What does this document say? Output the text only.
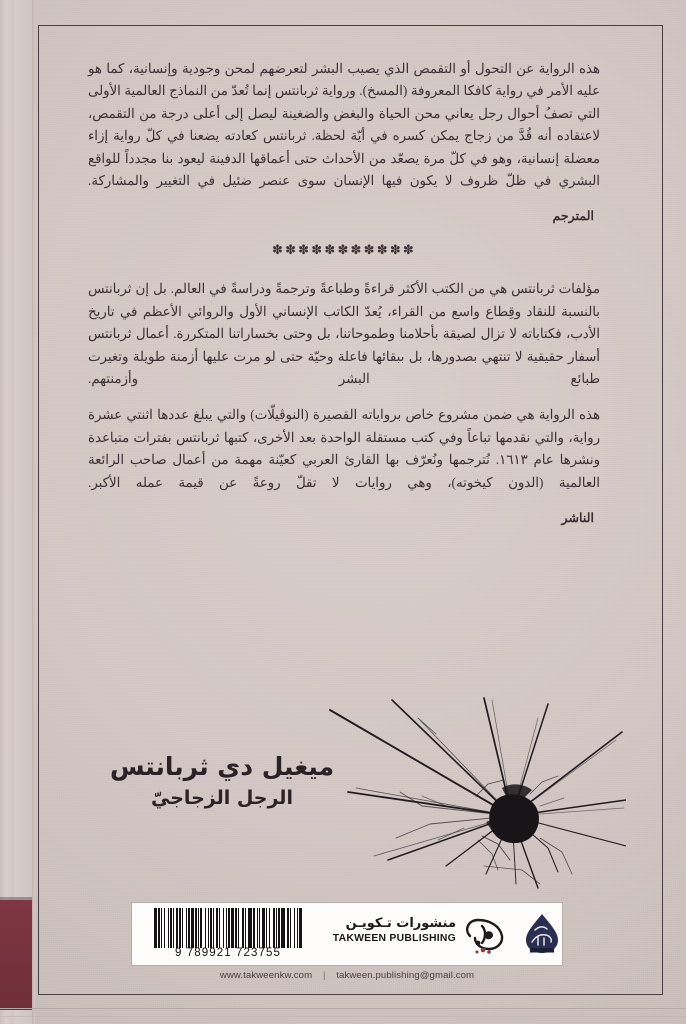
هذه الرواية عن التحول أو التقمص الذي يصيب البشر لتعرضهم لمحن وجودية وإنسانية، كما هو عليه الأمر في رواية كافكا المعروفة (المسخ). ورواية ثربانتس إنما تُعدّ من النماذج العالمية الأولى التي تصفُ أحوال رجل يعاني محن الحياة والبغض والضغينة ليصل إلى أعلى درجة من التقمص، لاعتقاده أنه قُدَّ من زجاج يمكن كسره في أيّة لحظة. ثربانتس كعادته يضعنا في كلّ رواية إزاء معضلة إنسانية، وهو في كلّ مرة يصعّد من الأحداث حتى أعماقها الدفينة ليعود بنا مجدداً للواقع البشري في ظلّ ظروف لا يكون فيها الإنسان سوى عنصر ضئيل في التغيير والمشاركة.

المترجم

✽✽✽✽✽✽✽✽✽✽✽

مؤلفات ثربانتس هي من الكتب الأكثر قراءةً وطباعةً وترجمةً ودراسةً في العالم. بل إن ثربانتس بالنسبة للنقاد وقِطاع واسع من القراء، يُعدّ الكاتب الإنساني الأول والروائي الأعظم في تاريخ الأدب، فكتاباته لا تزال لصيقة بأحلامنا وطموحاتنا، بل وحتى بخساراتنا المتكررة. أعمال ثربانتس أسفار حقيقية لا تنتهي بصدورها، بل ببقائها فاعلة وحيّة حتى لو مرت عليها أزمنة طويلة وتغيرت طبائع البشر وأزمنتهم.

هذه الرواية هي ضمن مشروع خاص برواياته القصيرة (النوڤيلّات) والتي يبلغ عددها اثنتي عشرة رواية، والتي نقدمها تباعاً وفي كتب مستقلة الواحدة بعد الأخرى، كتبها ثربانتس بفترات متباعدة ونشرها عام ١٦١٣. نُترجمها ونُعرّف بها القارئ العربي كعيّنة مهمة من أعمال صاحب الرائعة العالمية (الدون كيخوته)، وهي روايات لا تقلّ روعةً عن قيمة عمله الأكبر.

الناشر

ميغيل دي ثربانتس
الرجل الزجاجيّ
9 789921 723755
منشورات تـكويـن
TAKWEEN PUBLISHING
www.takweenkw.com | takween.publishing@gmail.com
